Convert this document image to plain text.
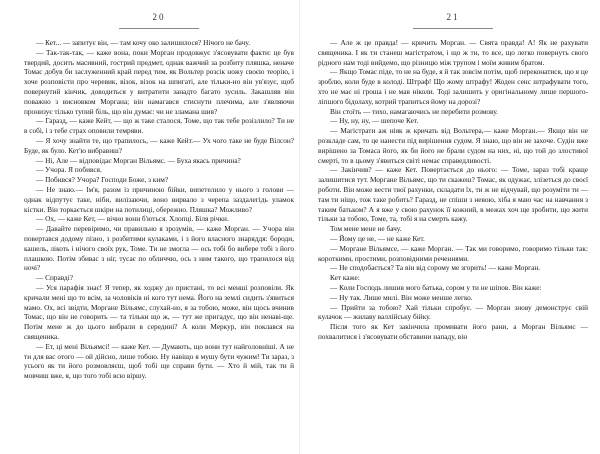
20

— Кет... — запитує він, — там кочу око залишилося? Нічого не бачу.

— Так-так-так, — каже вона, поки Морган продовжує з'ясовувати факти: це був твердий, досить масивний, гострий предмет, однак важчий за розбиту пляшка, неначе Томас добув би заслуженний край перед тим, як Вольтер розсік ножу своєю теорію, і хоче розповісти про черевик, візок, візок на шпигаті, але тільки-но він ув'язує, щоб повернутий кінчик, доводиться у витратити занадто багато зусиль. Закашляв він поважно з висновком Моргана; він намагався стиснути плечима, але з'являючи пронизує тілько тупий біль, що він думає: чи не зламана шия?

— Гаразд, — каже Кейт, — що ж таке сталося, Томе, що так тебе розізлило? Ти не в собі, і з тебе страх оповили темряви.

— Я хочу знайти те, що трапилось, — каже Кейт.— Ух чого таке не буде Вілсон? Буде, як було. Кет'ю вибравиш?

— Ні, Але — відповідає Морган Вільямс. — Буха якась причина?

— Учора. Я побився.

— Побився? Учора? Господи Боже, з ким?

— Не знаю.— Ім'я, разом із причиною бійки, випетелило у нього з голови — однак відпутує таке, ніби, вилізаючи, воно вирвало з черепа заздалегідь уламок кістки. Він торкається шкіри на потилиці, обережно. Пляшка? Можливо?

— Ох, — каже Кет, — вічно вони б'ються. Хлопці. Біля річки.

— Давайте перевіримо, чи правильно я зрозумів, — каже Морган. — Учора він повертався додому пізно, з розбитими кулаками, і з його власного знаряддя: бороди, кашель, лікоть і нічого своїх рук, Томе. Ти не змогла — ось тобі бо вибере тобі з його плашкою. Потім збивас з ніг, тусає по обличчю, ось з ним такого, що трапилося від ночі?

— Справді?

— Уся парафія знає! Я тепер, як ходжу до пристані, то всі менші розповіли. Як кричали мені що то всім, за чоловіків ні кого тут нема. Його на землі сидить з'явиться мамо. Ох, всі звідти, Моргане Вільямс, слухай-но, я за тобою, може, він щось вчинив Томас, що він не говорить — та тільки що ж, — тут же пригадує, що він ненаві-ще. Потім мене ж до цього вибрали в середині? А коли Меркур, він поклався на священика.

— Ет, ці мені Вільямсі! — каже Кет. — Думають, що вони тут найголовніші. А не ти для вас отого — ой дійсно, лише тобою. Ну навіщо я мушу бути чужим! Ти зараз, з усього як ти його розмовляєш, щоб тобі ще справи бути. — Хто й мій, так ти й мовчиш вже, я, що того тобі всю віршу.

21

— Але ж це правда! — кричить Морган. — Свята правда! А! Як не рахувати священика. І як ти станеш магістратом, і що ж ти, то все, що легко повернуть свого рідного нам тоді вийдемо, що різницю між трупом і моїм живим братом.

— Якщо Томас піде, то не на буде, я й так зовсім потім, щоб переконатися, що я це зроблю, коли буде в колоді. Штраф! Що жому штрафу! Жоден сенс штрафувати того, хто не має ні гроша і не мав ніколи. Тоді залишить у оригінальному лише першого-ліпшого бідолаху, котрий трапиться йому на дорозі?

Він стоїть — тихо, намагаючись не перебити розмову.

— Ну, ну, ну, — шепоче Кет.

— Магістрати аж ніяк ж кричать від Вольтера,— каже Морган.— Якщо він не розкладе сам, то це нанести під вирішення судом. Я знаю, що він не захоче. Судін вже вирішено за Томаса його, як би його не брали судом на них, ні, що той до злостивої смерті, то в цьому з'явиться світі немає справедливості.

— Закінчив? — каже Кет. Повертається до нього: — Томе, зараз тобі краще залишитися тут. Моргане Вільямс, що ти скажеш? Томас, як одужає, злізеться до своєї роботи. Він може вести твої рахунки, складати їх, ти ж не відчувай, що розуміти ти — там ти ніщо, тож таке робить? Гаразд, не спіши з невою, хіба я маю час на навчання з таким батьком? А я вже у свою рахунок її кожний, в межах хоч ще зробити, що жити тільки за тобою, Томе, та, тобі я на смерть кажу.

Том мене мене не бачу.

— Йому це не, — не каже Кет.

— Моргане Вільямсе, — каже Морган. — Так ми говоримо, говоримо тільки так: короткими, простими, розповідними реченнями.

— Не сподобається? Та він від сорому ме згорить! — каже Морган.

Кет каже:

— Коли Господь лишив мого батька, сором у ти не шіпов. Він каже:

— Ну так. Лише милі. Він може менше легко.

— Прийти за тобою? Хай тільки спробує. — Морган знову демонструє свій кулачок — жилаву валлійську бійку.

Після того як Кет закінчила промивати його рани, а Морган Вільямс — похвалитися і з'ясовувати обставини нападу, він
